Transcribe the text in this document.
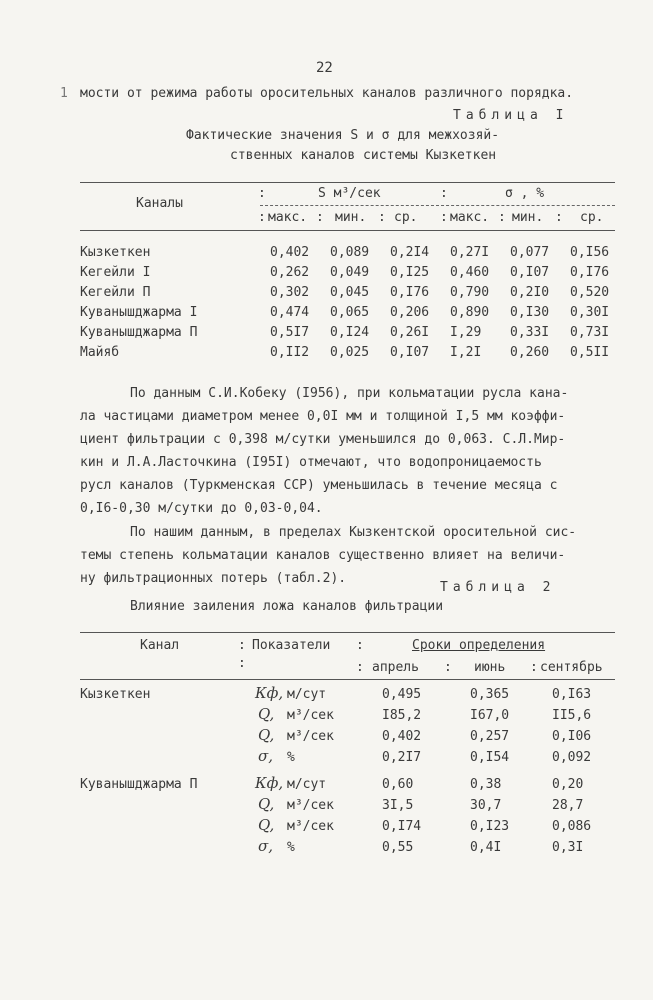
22
1 мости от режима работы оросительных каналов различного порядка.
Таблица I
Фактические значения S и σ для межхозяй-
ственных каналов системы Кызкеткен
Каналы
:	S м³/сек	:	σ , %
: макс. : мин. : ср. : макс. : мин. : ср.
Кызкеткен	0,402 0,089 0,2I4 0,27I 0,077 0,I56
Кегейли I	0,262 0,049 0,I25 0,460 0,I07 0,I76
Кегейли П	0,302 0,045 0,I76 0,790 0,2I0 0,520
Куванышджарма I	0,474 0,065 0,206 0,890 0,I30 0,30I
Куванышджарма П	0,5I7 0,I24 0,26I I,29 0,33I 0,73I
Майяб	0,II2 0,025 0,I07 I,2I 0,260 0,5II
По данным С.И.Кобеку (I956), при кольматации русла кана-
ла частицами диаметром менее 0,0I мм и толщиной I,5 мм коэффи-
циент фильтрации с 0,398 м/сутки уменьшился до 0,063. С.Л.Мир-
кин и Л.А.Ласточкина (I95I) отмечают, что водопроницаемость
русл каналов (Туркменская ССР) уменьшилась в течение месяца с
0,I6-0,30 м/сутки до 0,03-0,04.
По нашим данным, в пределах Кызкентской оросительной сис-
темы степень кольматации каналов существенно влияет на величи-
ну фильтрационных потерь (табл.2).
Таблица 2
Влияние заиления ложа каналов фильтрации
Канал	: Показатели :	Сроки определения
:	: апрель : июнь : сентябрь
Кызкеткен	Кф, м/сут	0,495	0,365	0,I63
Q, м³/сек	I85,2	I67,0	II5,6
Q, м³/сек	0,402	0,257	0,I06
σ, %	0,2I7	0,I54	0,092
Куванышджарма П	Кф, м/сут	0,60	0,38	0,20
Q, м³/сек	3I,5	30,7	28,7
Q, м³/сек	0,I74	0,I23	0,086
σ, %	0,55	0,4I	0,3I
